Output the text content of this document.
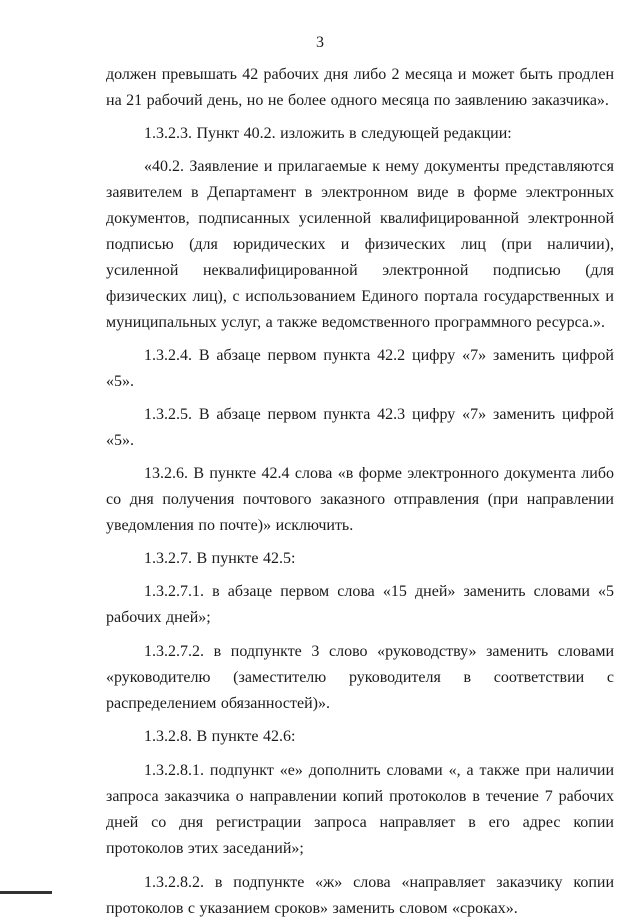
3

должен превышать 42 рабочих дня либо 2 месяца и может быть продлен на 21 рабочий день, но не более одного месяца по заявлению заказчика».

1.3.2.3. Пункт 40.2. изложить в следующей редакции:

«40.2. Заявление и прилагаемые к нему документы представляются заявителем в Департамент в электронном виде в форме электронных документов, подписанных усиленной квалифицированной электронной подписью (для юридических и физических лиц (при наличии), усиленной неквалифицированной электронной подписью (для физических лиц), с использованием Единого портала государственных и муниципальных услуг, а также ведомственного программного ресурса.».

1.3.2.4. В абзаце первом пункта 42.2 цифру «7» заменить цифрой «5».

1.3.2.5. В абзаце первом пункта 42.3 цифру «7» заменить цифрой «5».

13.2.6. В пункте 42.4 слова «в форме электронного документа либо со дня получения почтового заказного отправления (при направлении уведомления по почте)» исключить.

1.3.2.7. В пункте 42.5:

1.3.2.7.1. в абзаце первом слова «15 дней» заменить словами «5 рабочих дней»;

1.3.2.7.2. в подпункте 3 слово «руководству» заменить словами «руководителю (заместителю руководителя в соответствии с распределением обязанностей)».

1.3.2.8. В пункте 42.6:

1.3.2.8.1. подпункт «е» дополнить словами «, а также при наличии запроса заказчика о направлении копий протоколов в течение 7 рабочих дней со дня регистрации запроса направляет в его адрес копии протоколов этих заседаний»;

1.3.2.8.2. в подпункте «ж» слова «направляет заказчику копии протоколов с указанием сроков» заменить словом «сроках».
